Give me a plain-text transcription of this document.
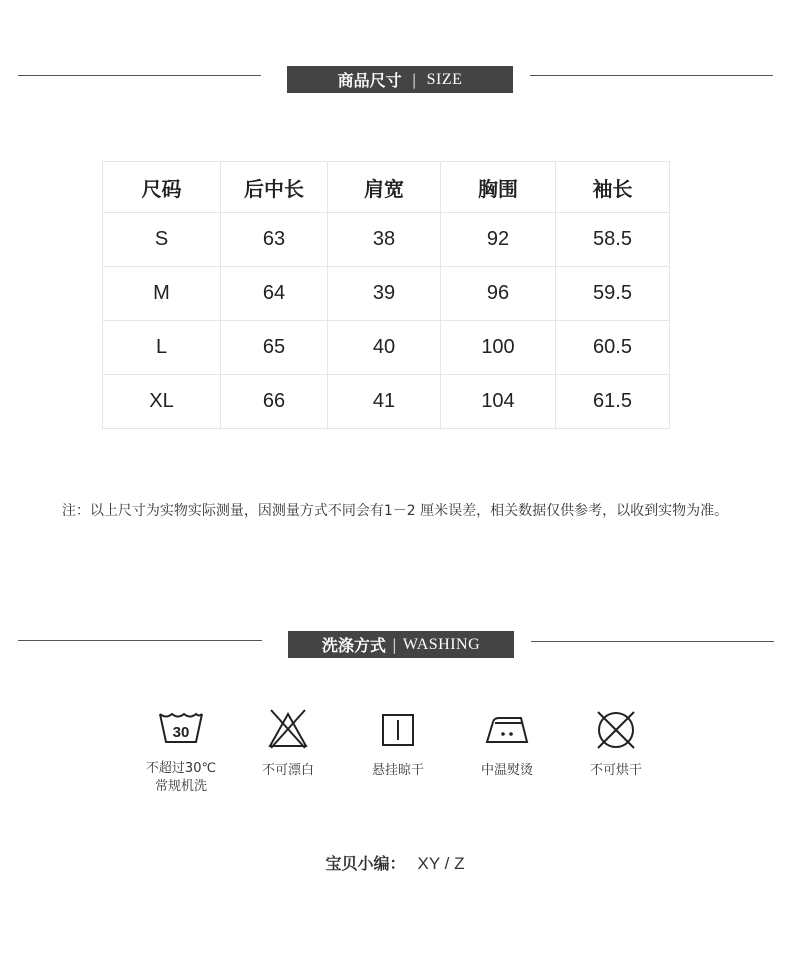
商品尺寸 | SIZE
尺码	后中长	肩宽	胸围	袖长
S	63	38	92	58.5
M	64	39	96	59.5
L	65	40	100	60.5
XL	66	41	104	61.5
注：以上尺寸为实物实际测量，因测量方式不同会有1－2 厘米误差，相关数据仅供参考，以收到实物为准。
洗涤方式 | WASHING
30
不超过30℃
常规机洗
不可漂白	悬挂晾干	中温熨烫	不可烘干
宝贝小编： XY / Z
